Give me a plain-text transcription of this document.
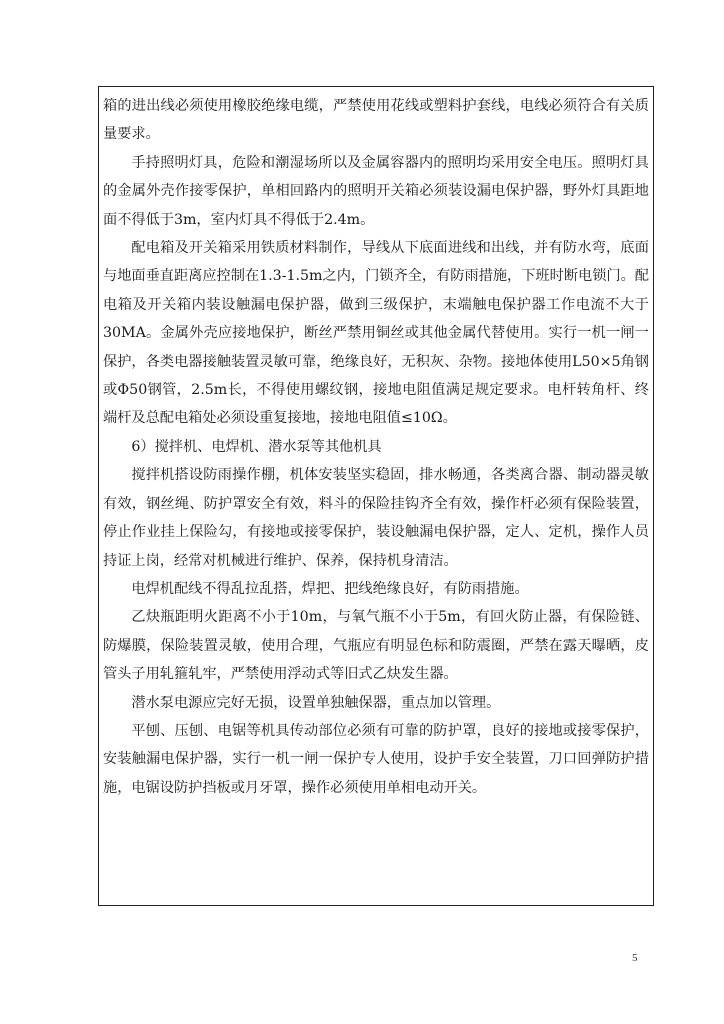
箱的进出线必须使用橡胶绝缘电缆，严禁使用花线或塑料护套线，电线必须符合有关质量要求。

手持照明灯具，危险和潮湿场所以及金属容器内的照明均采用安全电压。照明灯具的金属外壳作接零保护，单相回路内的照明开关箱必须装设漏电保护器，野外灯具距地面不得低于3m，室内灯具不得低于2.4m。

配电箱及开关箱采用铁质材料制作，导线从下底面进线和出线，并有防水弯，底面与地面垂直距离应控制在1.3-1.5m之内，门锁齐全，有防雨措施，下班时断电锁门。配电箱及开关箱内装设触漏电保护器，做到三级保护，末端触电保护器工作电流不大于30MA。金属外壳应接地保护，断丝严禁用铜丝或其他金属代替使用。实行一机一闸一保护，各类电器接触装置灵敏可靠，绝缘良好，无积灰、杂物。接地体使用L50×5角钢或Φ50钢管，2.5m长，不得使用螺纹钢，接地电阻值满足规定要求。电杆转角杆、终端杆及总配电箱处必须设重复接地，接地电阻值≤10Ω。

6）搅拌机、电焊机、潜水泵等其他机具

搅拌机搭设防雨操作棚，机体安装坚实稳固，排水畅通，各类离合器、制动器灵敏有效，钢丝绳、防护罩安全有效，料斗的保险挂钩齐全有效，操作杆必须有保险装置，停止作业挂上保险勾，有接地或接零保护，装设触漏电保护器，定人、定机，操作人员持证上岗，经常对机械进行维护、保养，保持机身清洁。

电焊机配线不得乱拉乱搭，焊把、把线绝缘良好，有防雨措施。

乙炔瓶距明火距离不小于10m，与氧气瓶不小于5m，有回火防止器，有保险链、防爆膜，保险装置灵敏，使用合理，气瓶应有明显色标和防震圈，严禁在露天曝晒，皮管头子用轧箍轧牢，严禁使用浮动式等旧式乙炔发生器。

潜水泵电源应完好无损，设置单独触保器，重点加以管理。

平刨、压刨、电锯等机具传动部位必须有可靠的防护罩，良好的接地或接零保护，安装触漏电保护器，实行一机一闸一保护专人使用，设护手安全装置，刀口回弹防护措施，电锯设防护挡板或月牙罩，操作必须使用单相电动开关。

5
